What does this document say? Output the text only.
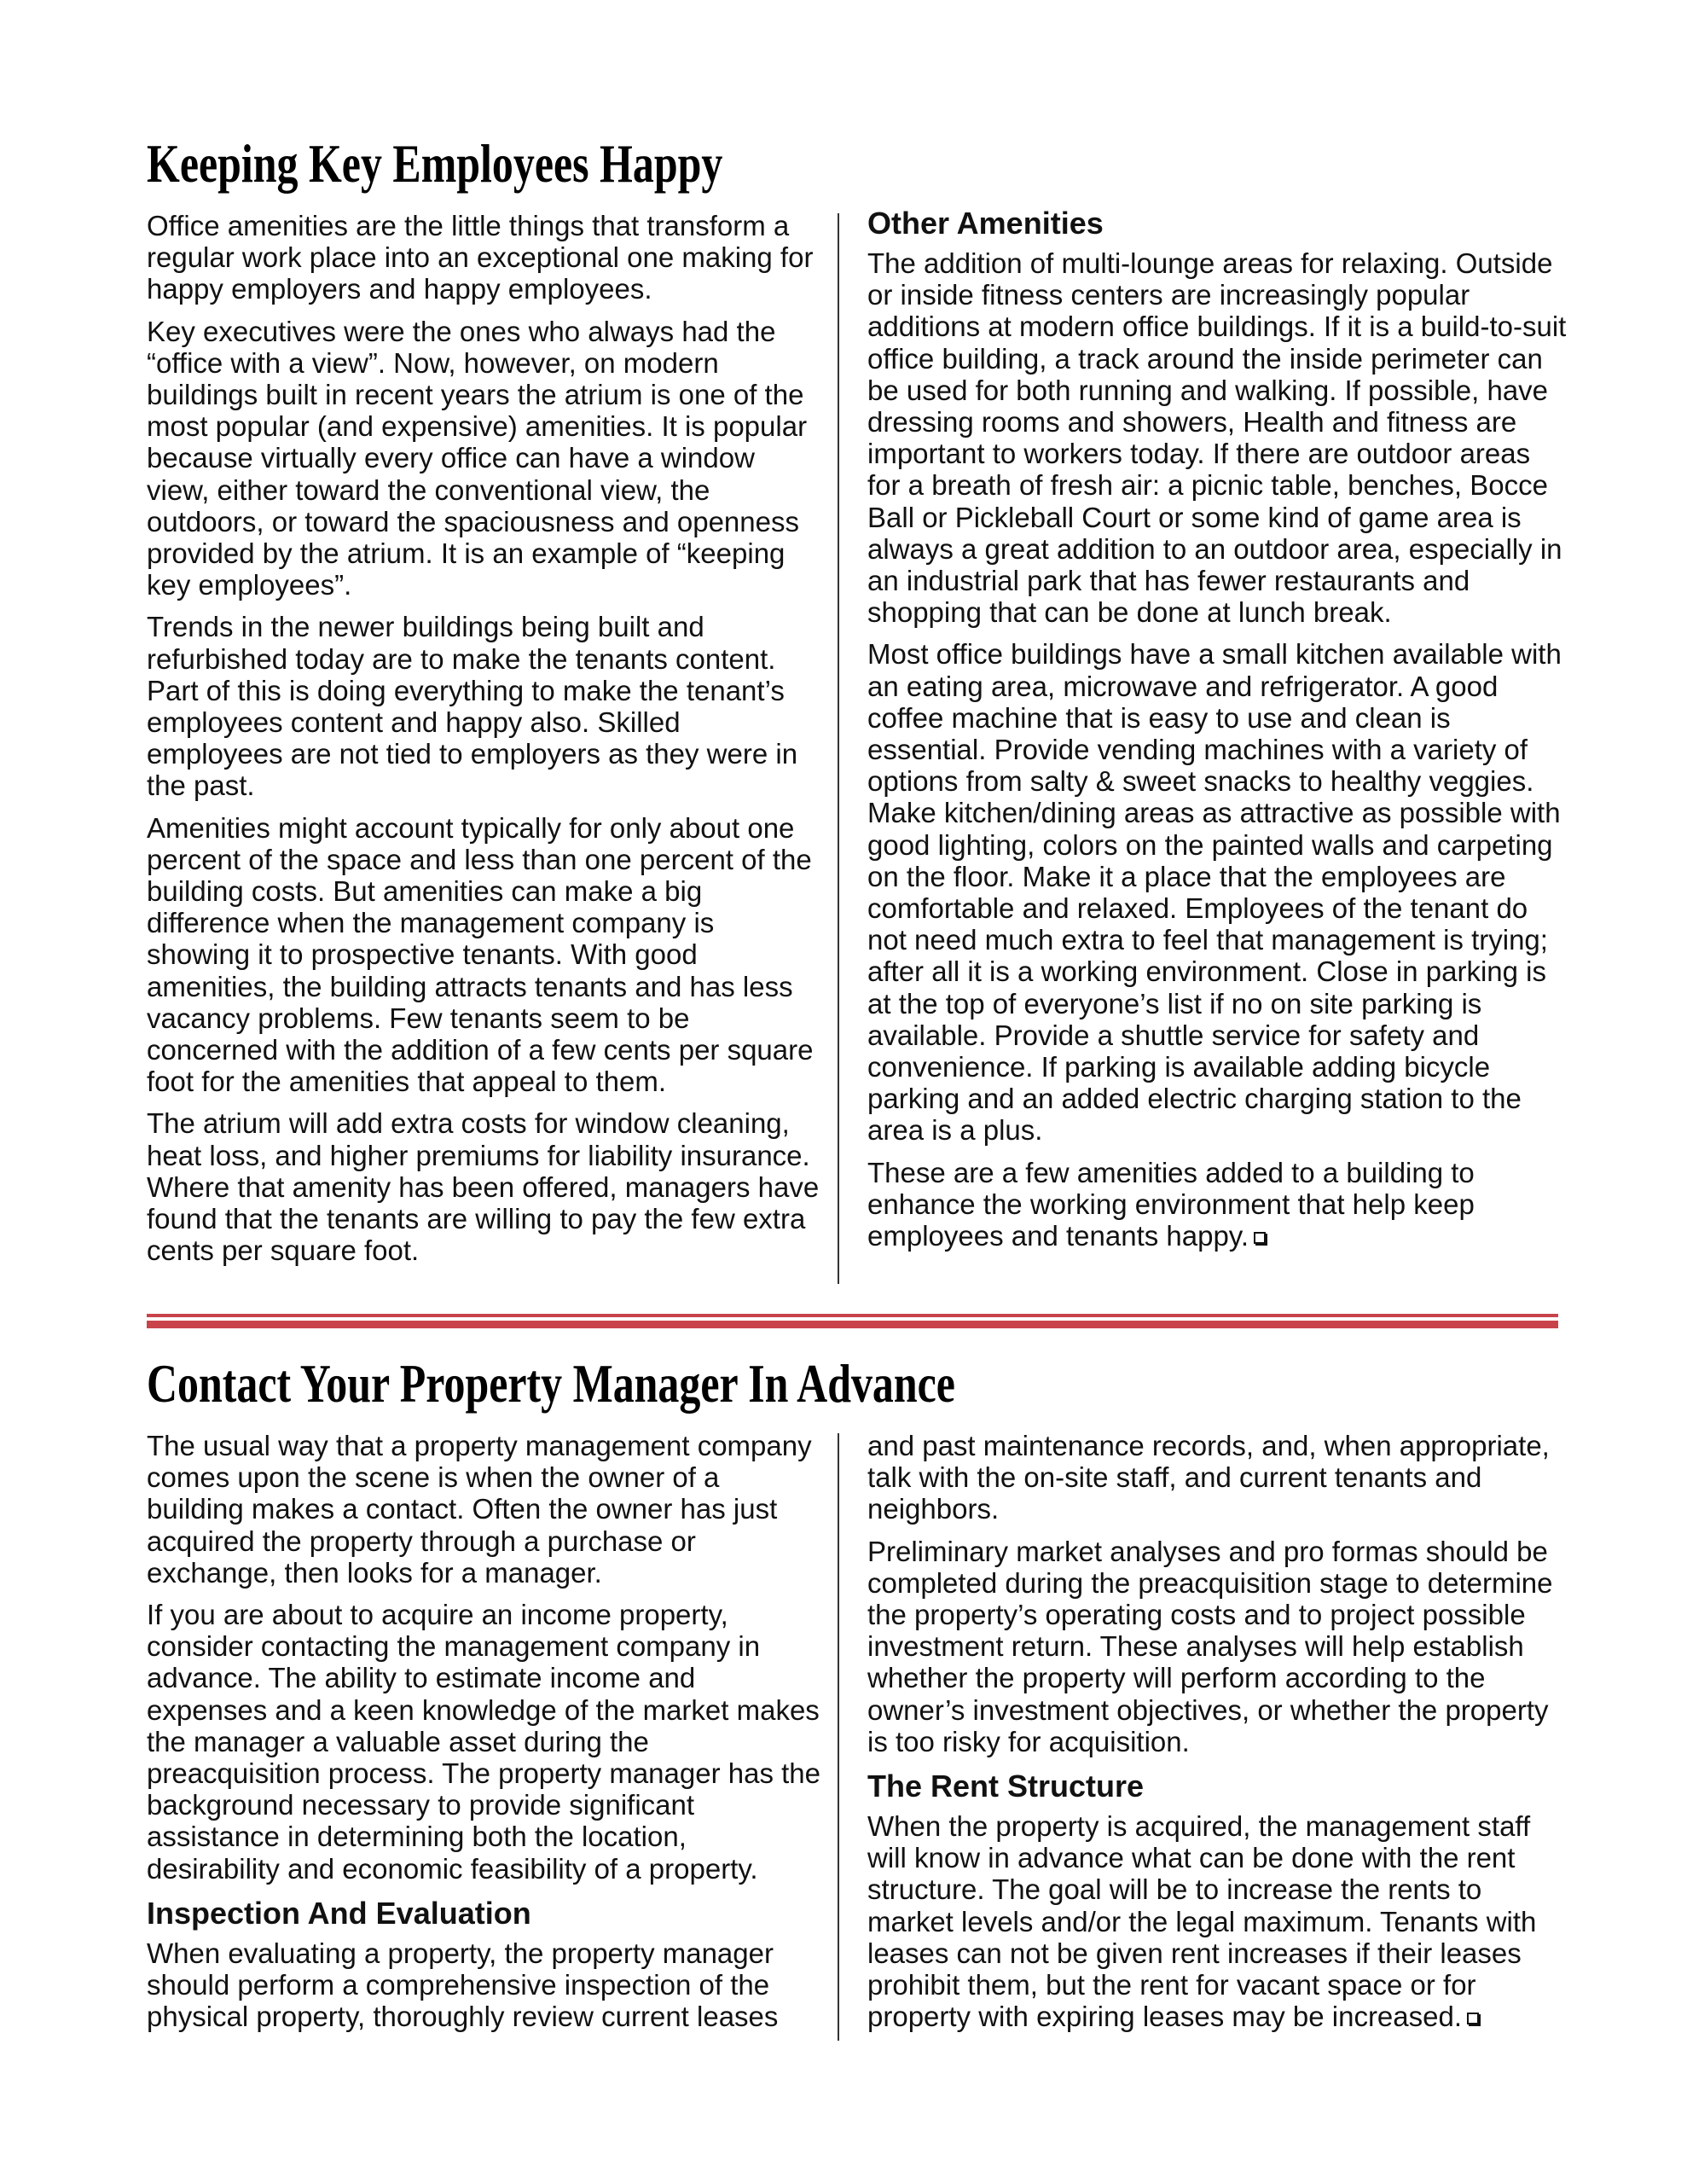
Keeping Key Employees Happy

Office amenities are the little things that transform a regular work place into an exceptional one making for happy employers and happy employees.

Key executives were the ones who always had the “office with a view”. Now, however, on modern buildings built in recent years the atrium is one of the most popular (and expensive) amenities. It is popular because virtually every office can have a window view, either toward the conventional view, the outdoors, or toward the spaciousness and openness provided by the atrium. It is an example of “keeping key employees”.

Trends in the newer buildings being built and refurbished today are to make the tenants content. Part of this is doing everything to make the tenant’s employees content and happy also. Skilled employees are not tied to employers as they were in the past.

Amenities might account typically for only about one percent of the space and less than one percent of the building costs. But amenities can make a big difference when the management company is showing it to prospective tenants. With good amenities, the building attracts tenants and has less vacancy problems. Few tenants seem to be concerned with the addition of a few cents per square foot for the amenities that appeal to them.

The atrium will add extra costs for window cleaning, heat loss, and higher premiums for liability insurance. Where that amenity has been offered, managers have found that the tenants are willing to pay the few extra cents per square foot.

Other Amenities

The addition of multi-lounge areas for relaxing. Outside or inside fitness centers are increasingly popular additions at modern office buildings. If it is a build-to-suit office building, a track around the inside perimeter can be used for both running and walking. If possible, have dressing rooms and showers, Health and fitness are important to workers today. If there are outdoor areas for a breath of fresh air: a picnic table, benches, Bocce Ball or Pickleball Court or some kind of game area is always a great addition to an outdoor area, especially in an industrial park that has fewer restaurants and shopping that can be done at lunch break.

Most office buildings have a small kitchen available with an eating area, microwave and refrigerator. A good coffee machine that is easy to use and clean is essential. Provide vending machines with a variety of options from salty & sweet snacks to healthy veggies. Make kitchen/dining areas as attractive as possible with good lighting, colors on the painted walls and carpeting on the floor. Make it a place that the employees are comfortable and relaxed. Employees of the tenant do not need much extra to feel that management is trying; after all it is a working environment. Close in parking is at the top of everyone’s list if no on site parking is available. Provide a shuttle service for safety and convenience. If parking is available adding bicycle parking and an added electric charging station to the area is a plus.

These are a few amenities added to a building to enhance the working environment that help keep employees and tenants happy.

Contact Your Property Manager In Advance

The usual way that a property management company comes upon the scene is when the owner of a building makes a contact. Often the owner has just acquired the property through a purchase or exchange, then looks for a manager.

If you are about to acquire an income property, consider contacting the management company in advance. The ability to estimate income and expenses and a keen knowledge of the market makes the manager a valuable asset during the preacquisition process. The property manager has the background necessary to provide significant assistance in determining both the location, desirability and economic feasibility of a property.

Inspection And Evaluation

When evaluating a property, the property manager should perform a comprehensive inspection of the physical property, thoroughly review current leases

and past maintenance records, and, when appropriate, talk with the on-site staff, and current tenants and neighbors.

Preliminary market analyses and pro formas should be completed during the preacquisition stage to determine the property’s operating costs and to project possible investment return. These analyses will help establish whether the property will perform according to the owner’s investment objectives, or whether the property is too risky for acquisition.

The Rent Structure

When the property is acquired, the management staff will know in advance what can be done with the rent structure. The goal will be to increase the rents to market levels and/or the legal maximum. Tenants with leases can not be given rent increases if their leases prohibit them, but the rent for vacant space or for property with expiring leases may be increased.
